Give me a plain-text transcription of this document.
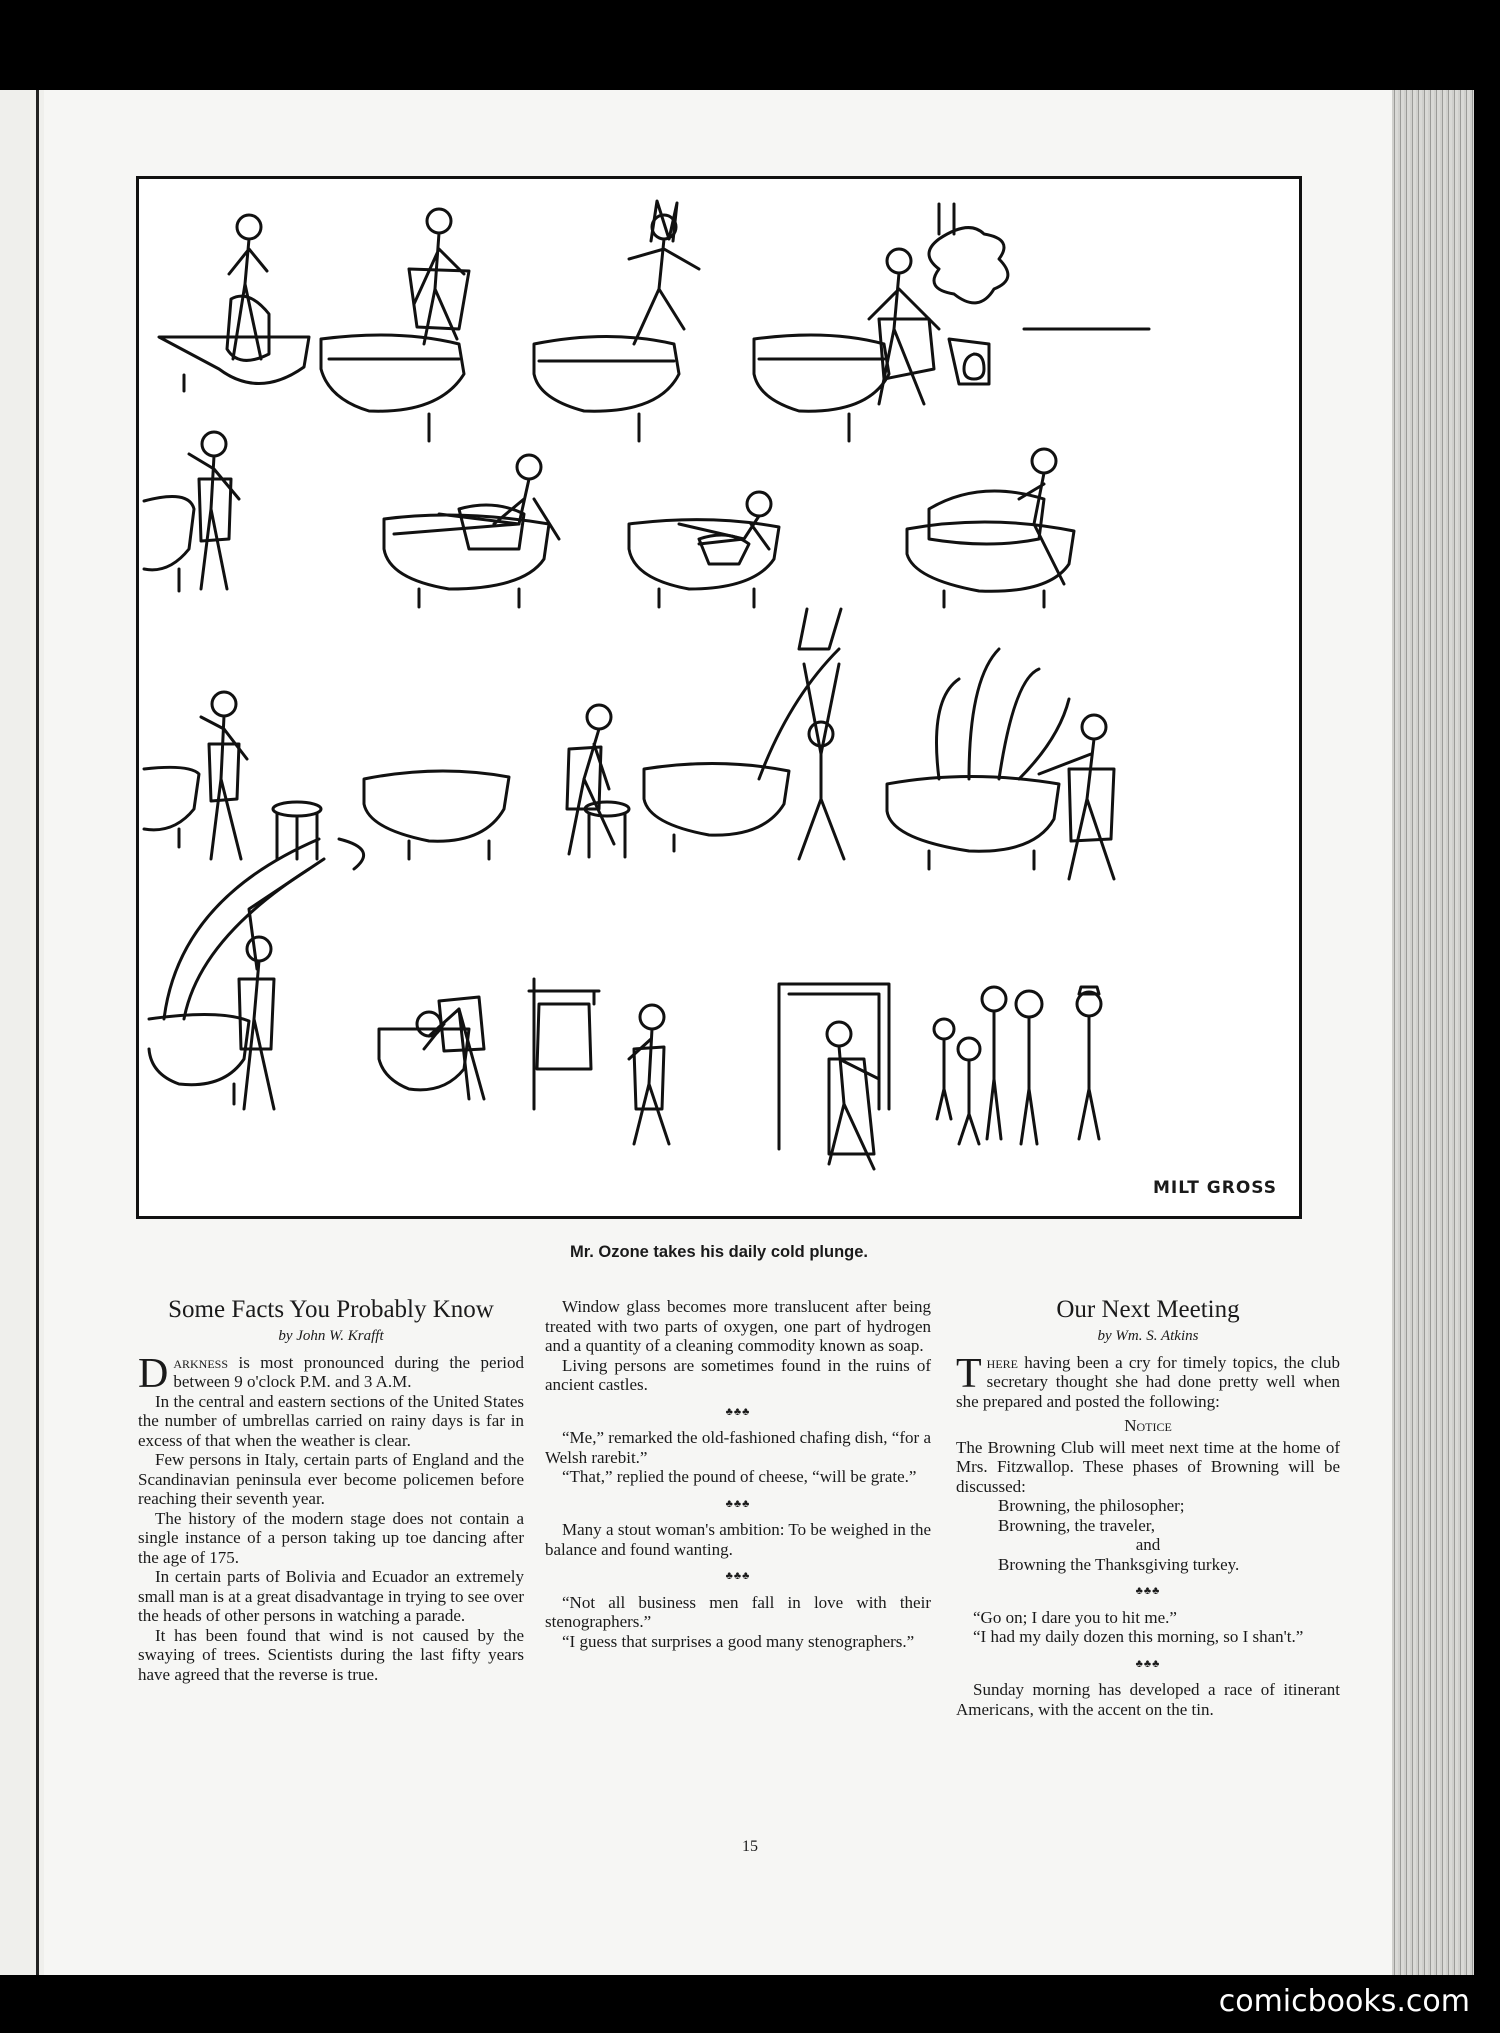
MILT GROSS
Mr. Ozone takes his daily cold plunge.
Some Facts You Probably Know
by John W. Krafft

Darkness is most pronounced during the period between 9 o'clock P.M. and 3 A.M.

In the central and eastern sections of the United States the number of umbrellas carried on rainy days is far in excess of that when the weather is clear.

Few persons in Italy, certain parts of England and the Scandinavian peninsula ever become policemen before reaching their seventh year.

The history of the modern stage does not contain a single instance of a person taking up toe dancing after the age of 175.

In certain parts of Bolivia and Ecuador an extremely small man is at a great disadvantage in trying to see over the heads of other persons in watching a parade.

It has been found that wind is not caused by the swaying of trees. Scientists during the last fifty years have agreed that the reverse is true.

Window glass becomes more translucent after being treated with two parts of oxygen, one part of hydrogen and a quantity of a cleaning commodity known as soap.

Living persons are sometimes found in the ruins of ancient castles.

♣♣♣

“Me,” remarked the old-fashioned chafing dish, “for a Welsh rarebit.”

“That,” replied the pound of cheese, “will be grate.”

♣♣♣

Many a stout woman's ambition: To be weighed in the balance and found wanting.

♣♣♣

“Not all business men fall in love with their stenographers.”

“I guess that surprises a good many stenographers.”

Our Next Meeting
by Wm. S. Atkins

There having been a cry for timely topics, the club secretary thought she had done pretty well when she prepared and posted the following:

Notice

The Browning Club will meet next time at the home of Mrs. Fitzwallop. These phases of Browning will be discussed:

Browning, the philosopher;

Browning, the traveler,

and

Browning the Thanksgiving turkey.

♣♣♣

“Go on; I dare you to hit me.”

“I had my daily dozen this morning, so I shan't.”

♣♣♣

Sunday morning has developed a race of itinerant Americans, with the accent on the tin.

15
comicbooks.com
